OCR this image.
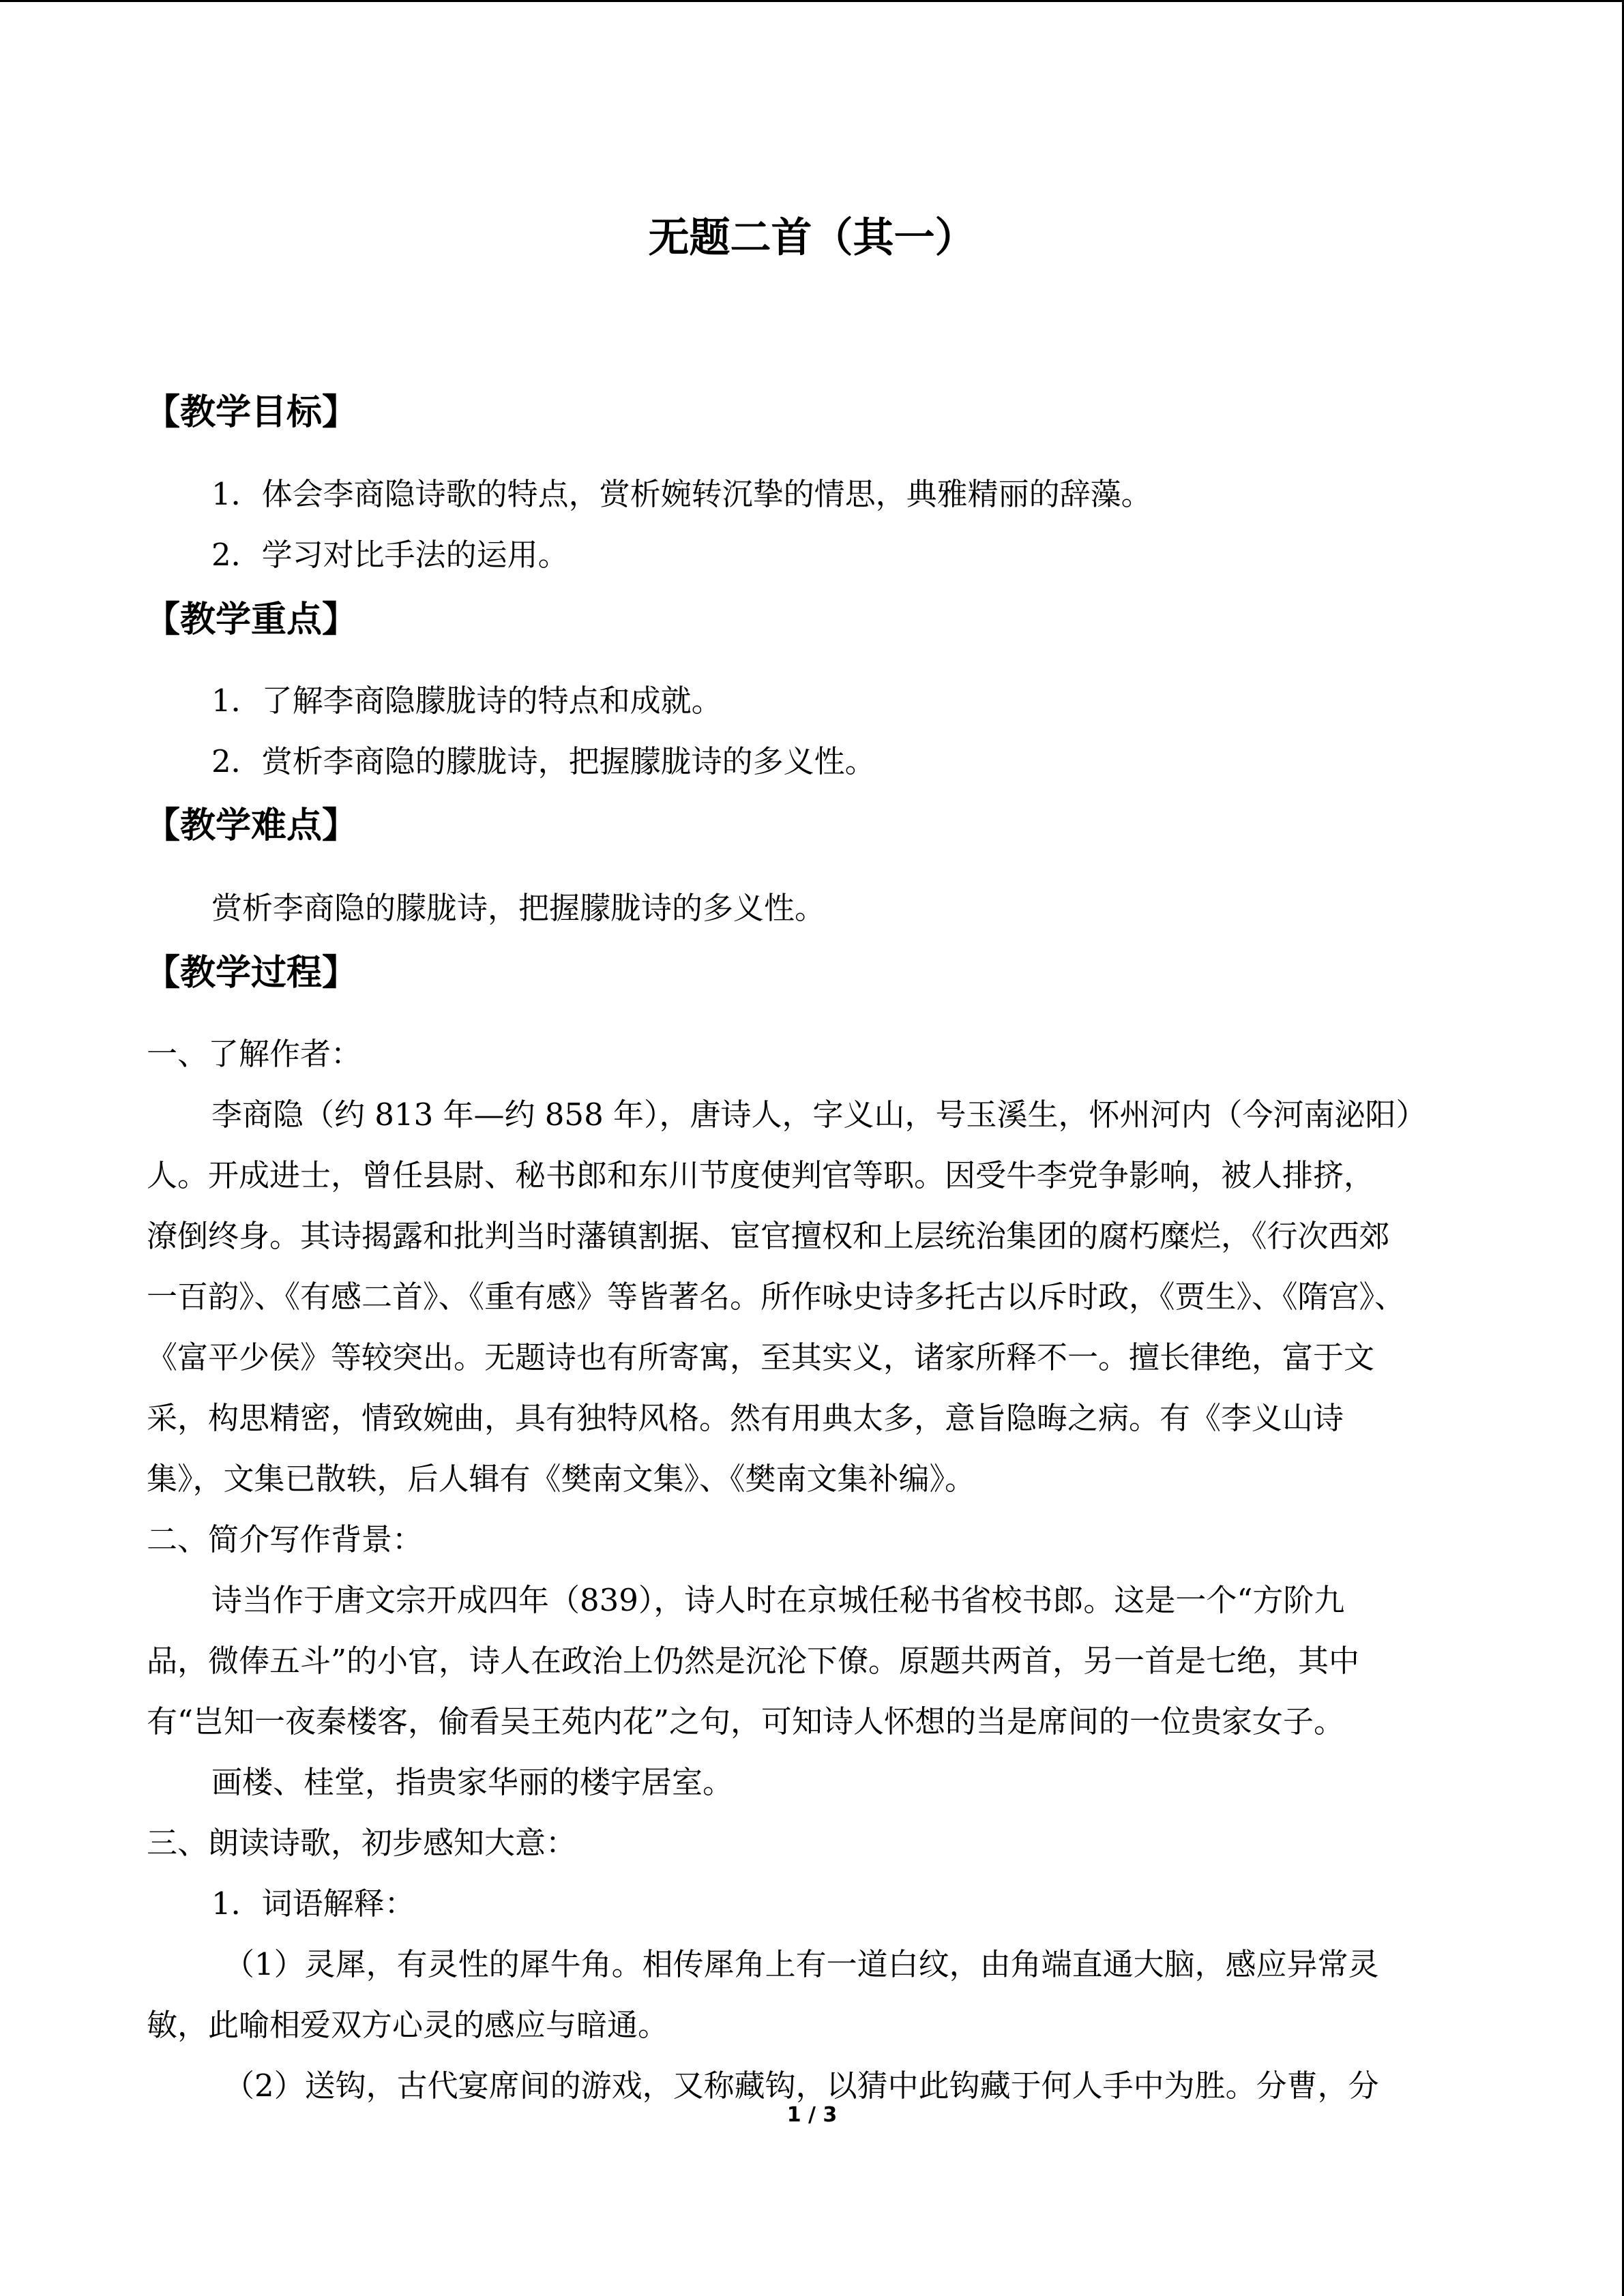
无题二首（其一）
【教学目标】

1．体会李商隐诗歌的特点，赏析婉转沉挚的情思，典雅精丽的辞藻。

2．学习对比手法的运用。

【教学重点】

1．了解李商隐朦胧诗的特点和成就。

2．赏析李商隐的朦胧诗，把握朦胧诗的多义性。

【教学难点】

赏析李商隐的朦胧诗，把握朦胧诗的多义性。

【教学过程】

一、了解作者：

李商隐（约 813 年—约 858 年），唐诗人，字义山，号玉溪生，怀州河内（今河南泌阳）

人。开成进士，曾任县尉、秘书郎和东川节度使判官等职。因受牛李党争影响，被人排挤，

潦倒终身。其诗揭露和批判当时藩镇割据、宦官擅权和上层统治集团的腐朽糜烂，《行次西郊

一百韵》、《有感二首》、《重有感》等皆著名。所作咏史诗多托古以斥时政，《贾生》、《隋宫》、

《富平少侯》等较突出。无题诗也有所寄寓，至其实义，诸家所释不一。擅长律绝，富于文

采，构思精密，情致婉曲，具有独特风格。然有用典太多，意旨隐晦之病。有《李义山诗

集》，文集已散轶，后人辑有《樊南文集》、《樊南文集补编》。

二、简介写作背景：

诗当作于唐文宗开成四年（839），诗人时在京城任秘书省校书郎。这是一个“方阶九

品，微俸五斗”的小官，诗人在政治上仍然是沉沦下僚。原题共两首，另一首是七绝，其中

有“岂知一夜秦楼客，偷看吴王苑内花”之句，可知诗人怀想的当是席间的一位贵家女子。

画楼、桂堂，指贵家华丽的楼宇居室。

三、朗读诗歌，初步感知大意：

1．词语解释：

（1）灵犀，有灵性的犀牛角。相传犀角上有一道白纹，由角端直通大脑，感应异常灵

敏，此喻相爱双方心灵的感应与暗通。

（2）送钩，古代宴席间的游戏，又称藏钩，以猜中此钩藏于何人手中为胜。分曹，分

1 / 3
